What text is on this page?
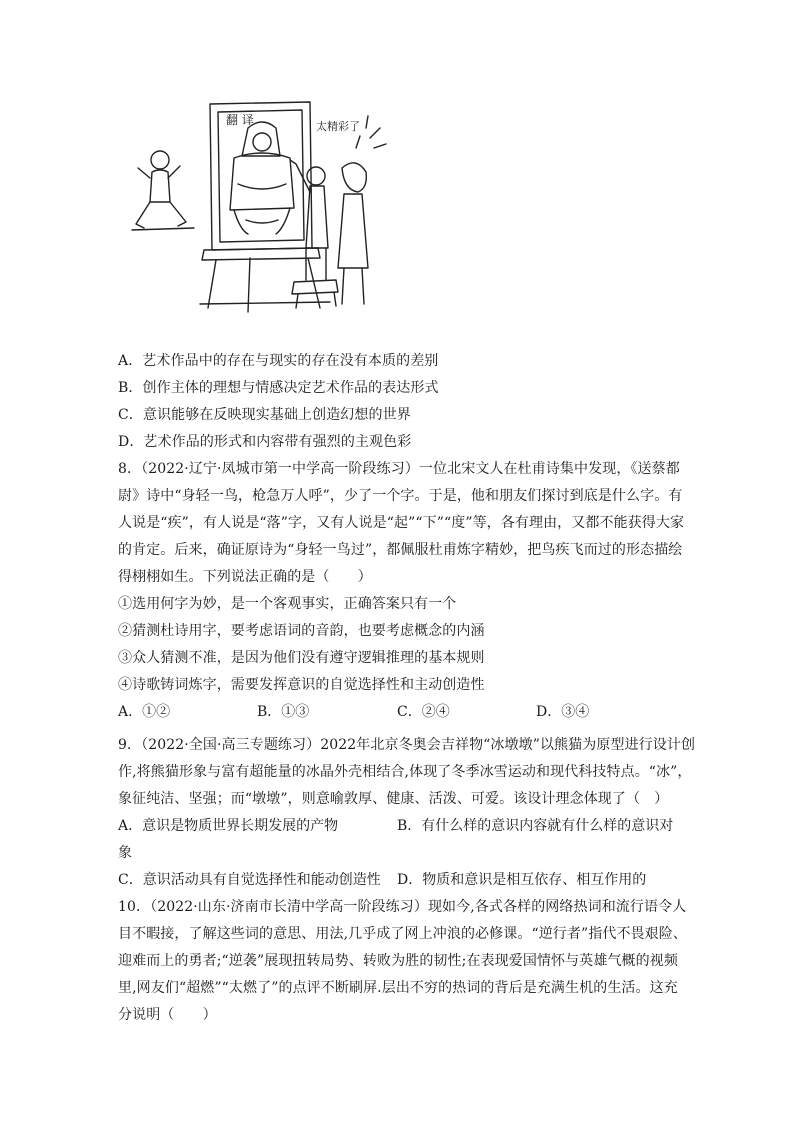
翻 译	太精彩了
A．艺术作品中的存在与现实的存在没有本质的差别
B．创作主体的理想与情感决定艺术作品的表达形式
C．意识能够在反映现实基础上创造幻想的世界
D．艺术作品的形式和内容带有强烈的主观色彩
8．（2022·辽宁·凤城市第一中学高一阶段练习）一位北宋文人在杜甫诗集中发现，《送蔡都
尉》诗中“身轻一鸟，枪急万人呼”，少了一个字。于是，他和朋友们探讨到底是什么字。有
人说是“疾”，有人说是“落”字，又有人说是“起”“下”“度”等，各有理由，又都不能获得大家
的肯定。后来，确证原诗为“身轻一鸟过”，都佩服杜甫炼字精妙，把鸟疾飞而过的形态描绘
得栩栩如生。下列说法正确的是（　　）
①选用何字为妙，是一个客观事实，正确答案只有一个
②猜测杜诗用字，要考虑语词的音韵，也要考虑概念的内涵
③众人猜测不准，是因为他们没有遵守逻辑推理的基本规则
④诗歌铸词炼字，需要发挥意识的自觉选择性和主动创造性
A．①②	B．①③	C．②④	D．③④
9．（2022·全国·高三专题练习）2022年北京冬奥会吉祥物“冰墩墩”以熊猫为原型进行设计创
作,将熊猫形象与富有超能量的冰晶外壳相结合,体现了冬季冰雪运动和现代科技特点。“冰”，
象征纯洁、坚强；而“墩墩”，则意喻敦厚、健康、活泼、可爱。该设计理念体现了（　）
A．意识是物质世界长期发展的产物	B．有什么样的意识内容就有什么样的意识对
象
C．意识活动具有自觉选择性和能动创造性 D．物质和意识是相互依存、相互作用的
10．（2022·山东·济南市长清中学高一阶段练习）现如今,各式各样的网络热词和流行语令人
目不暇接，了解这些词的意思、用法,几乎成了网上冲浪的必修课。“逆行者”指代不畏艰险、
迎难而上的勇者;“逆袭”展现扭转局势、转败为胜的韧性;在表现爱国情怀与英雄气概的视频
里,网友们“超燃”“太燃了”的点评不断刷屏.层出不穷的热词的背后是充满生机的生活。这充
分说明（　　）
